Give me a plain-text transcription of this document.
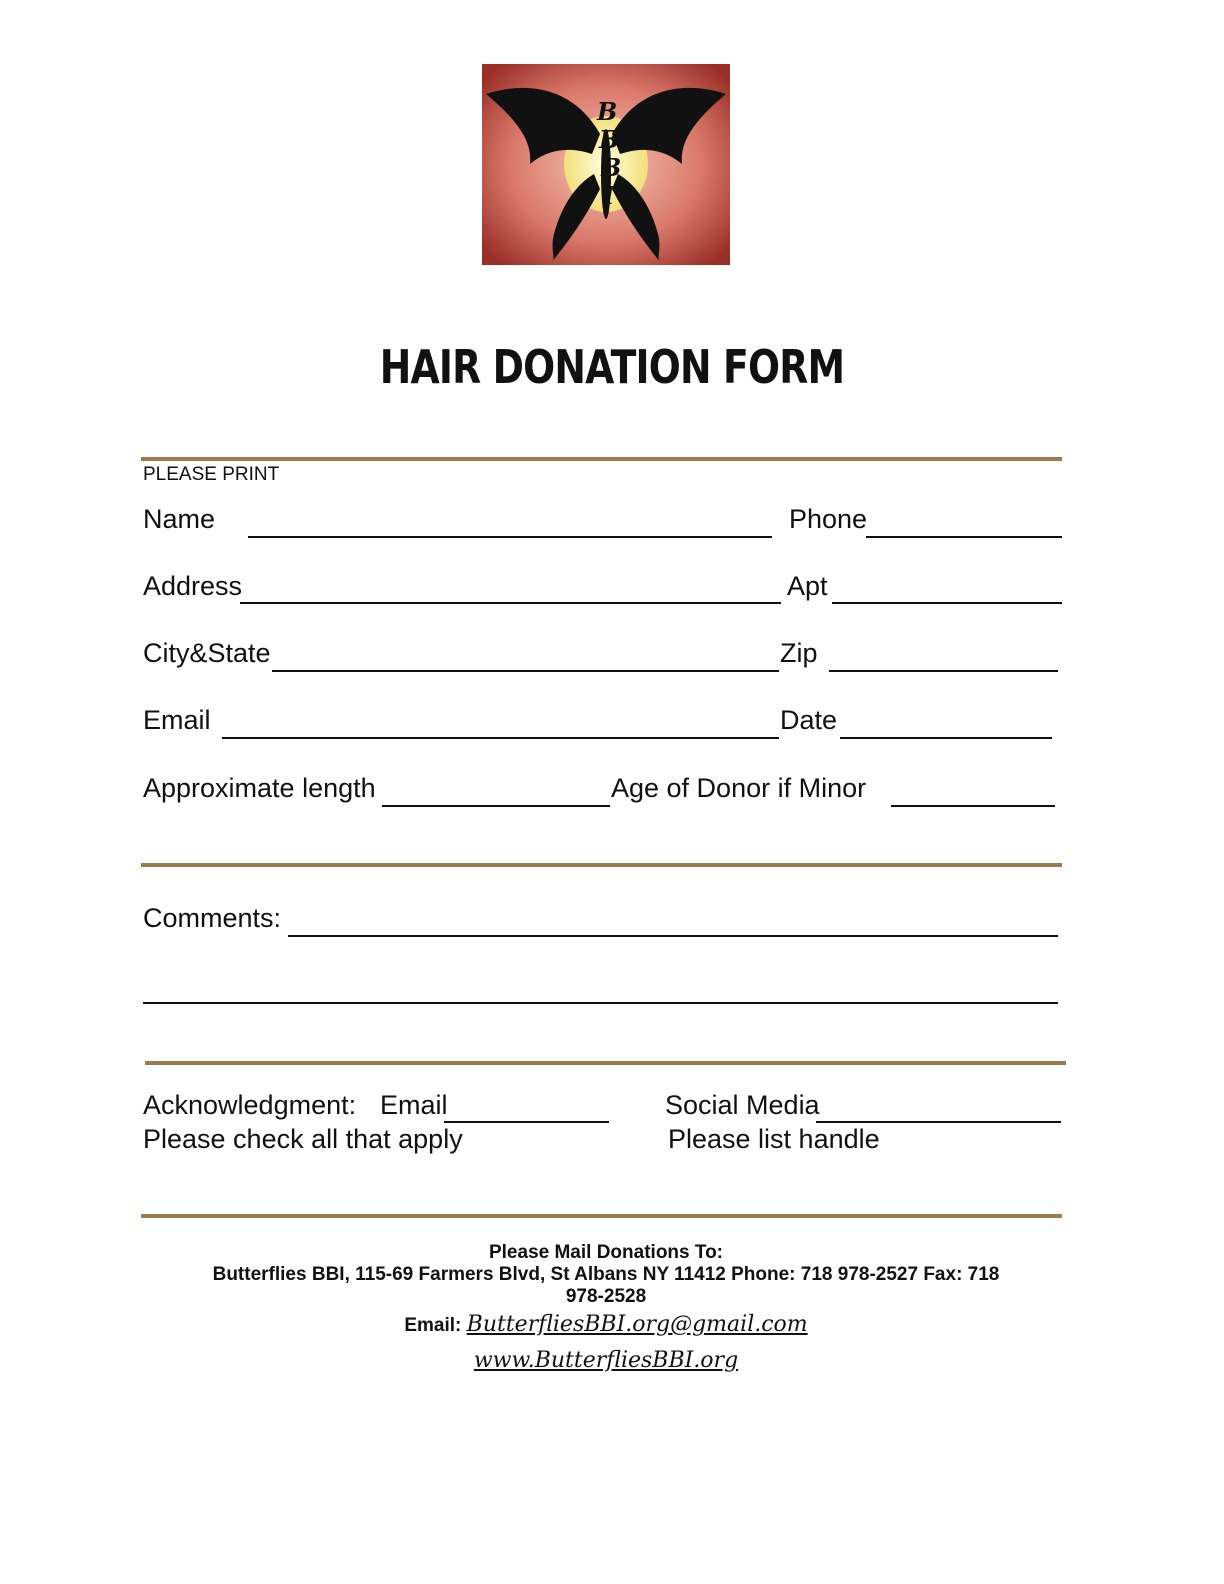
B
B
B
I
HAIR DONATION FORM
PLEASE PRINT
Name	Phone
Address	Apt
City&State	Zip
Email	Date
Approximate length	Age of Donor if Minor
Comments:
Acknowledgment: Email	Social Media
Please check all that apply	Please list handle
Please Mail Donations To:
Butterflies BBI, 115-69 Farmers Blvd, St Albans NY 11412 Phone: 718 978-2527 Fax: 718
978-2528
Email: ButterfliesBBI.org@gmail.com
www.ButterfliesBBI.org
